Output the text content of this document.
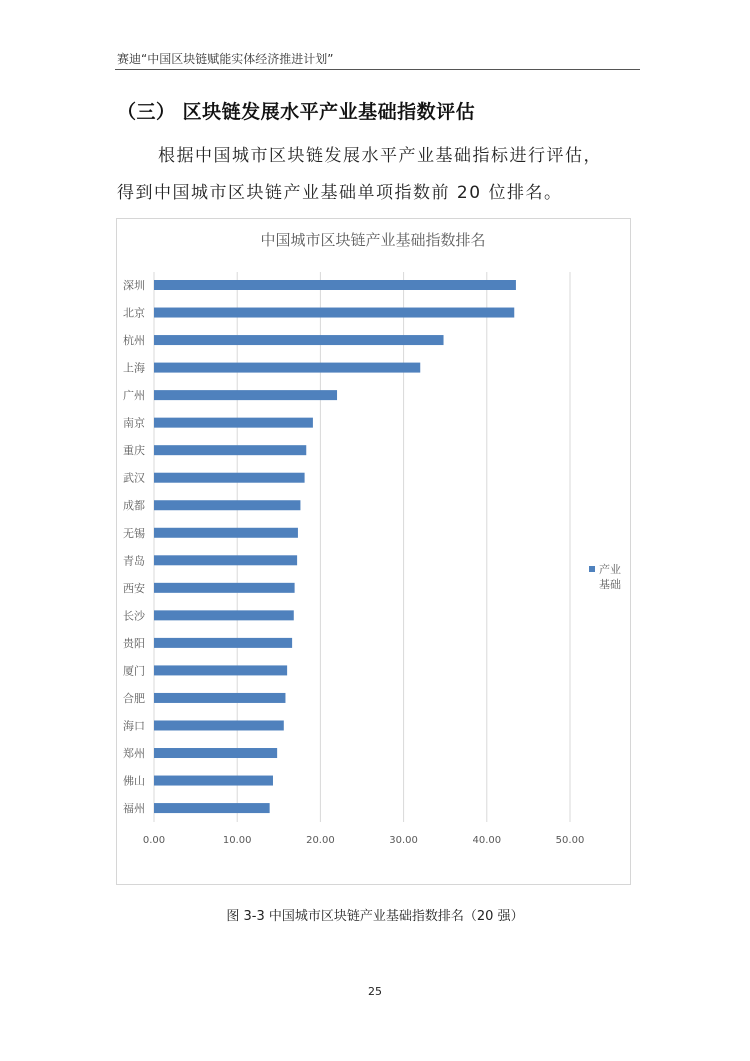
赛迪“中国区块链赋能实体经济推进计划”
（三） 区块链发展水平产业基础指数评估
根据中国城市区块链发展水平产业基础指标进行评估，
得到中国城市区块链产业基础单项指数前 20 位排名。
中国城市区块链产业基础指数排名
0.00	10.00	20.00	30.00	40.00	50.00
深圳
北京
杭州
上海
广州
南京
重庆
武汉
成都
无锡
青岛
西安
长沙
贵阳
厦门
合肥
海口
郑州
佛山
福州
产业
基础
图 3-3 中国城市区块链产业基础指数排名（20 强）
25
